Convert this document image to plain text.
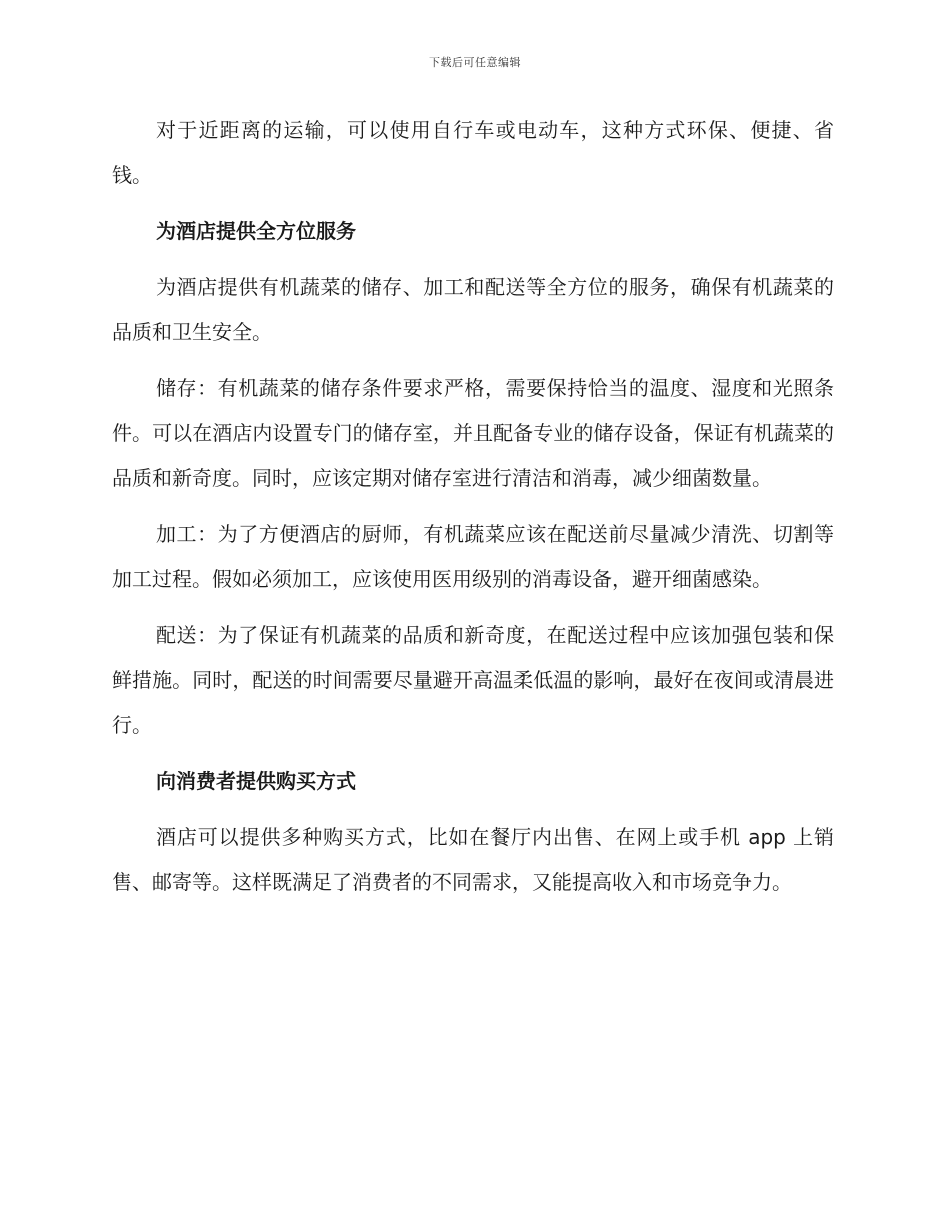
下载后可任意编辑

对于近距离的运输，可以使用自行车或电动车，这种方式环保、便捷、省钱。

为酒店提供全方位服务

为酒店提供有机蔬菜的储存、加工和配送等全方位的服务，确保有机蔬菜的品质和卫生安全。

储存：有机蔬菜的储存条件要求严格，需要保持恰当的温度、湿度和光照条件。可以在酒店内设置专门的储存室，并且配备专业的储存设备，保证有机蔬菜的品质和新奇度。同时，应该定期对储存室进行清洁和消毒，减少细菌数量。

加工：为了方便酒店的厨师，有机蔬菜应该在配送前尽量减少清洗、切割等加工过程。假如必须加工，应该使用医用级别的消毒设备，避开细菌感染。

配送：为了保证有机蔬菜的品质和新奇度，在配送过程中应该加强包装和保鲜措施。同时，配送的时间需要尽量避开高温柔低温的影响，最好在夜间或清晨进行。

向消费者提供购买方式

酒店可以提供多种购买方式，比如在餐厅内出售、在网上或手机 app 上销售、邮寄等。这样既满足了消费者的不同需求，又能提高收入和市场竞争力。
